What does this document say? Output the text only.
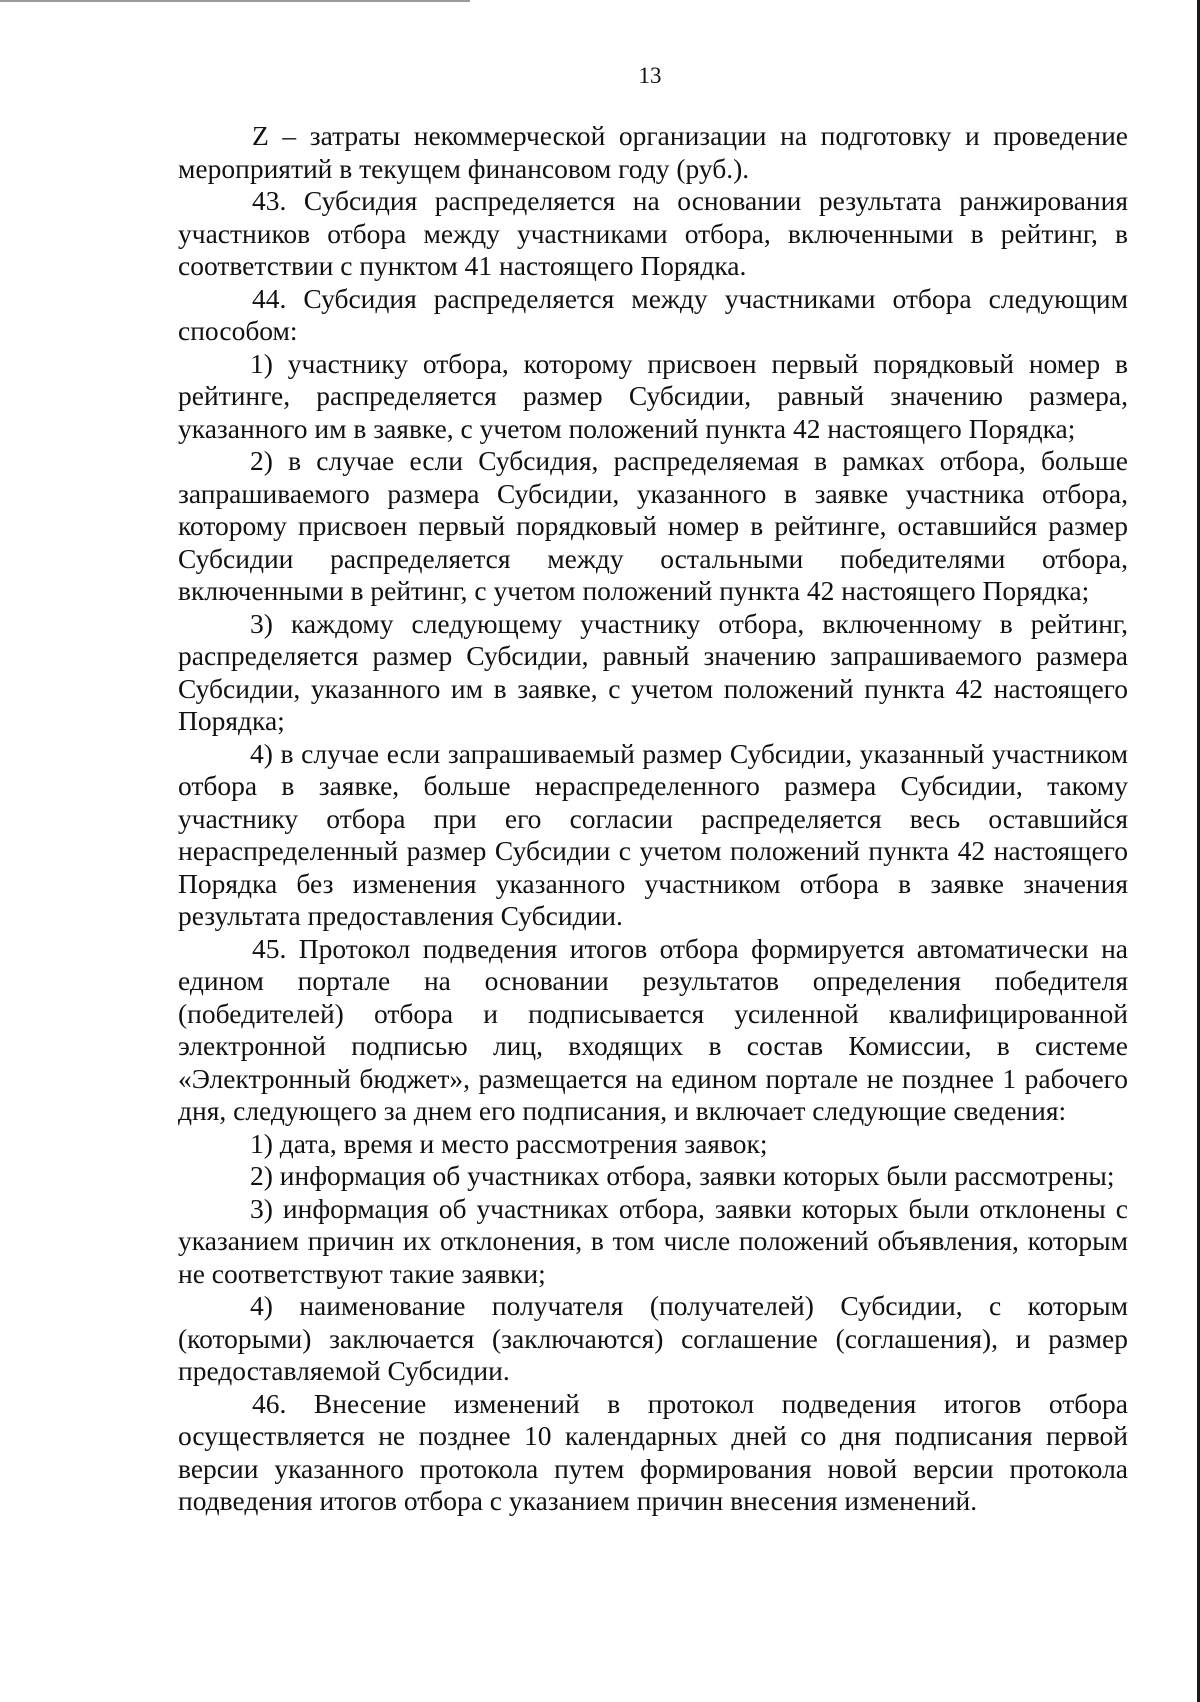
13

Z – затраты некоммерческой организации на подготовку и проведение мероприятий в текущем финансовом году (руб.).

43. Субсидия распределяется на основании результата ранжирования участников отбора между участниками отбора, включенными в рейтинг, в соответствии с пунктом 41 настоящего Порядка.

44. Субсидия распределяется между участниками отбора следующим способом:

1) участнику отбора, которому присвоен первый порядковый номер в рейтинге, распределяется размер Субсидии, равный значению размера, указанного им в заявке, с учетом положений пункта 42 настоящего Порядка;

2) в случае если Субсидия, распределяемая в рамках отбора, больше запрашиваемого размера Субсидии, указанного в заявке участника отбора, которому присвоен первый порядковый номер в рейтинге, оставшийся размер Субсидии распределяется между остальными победителями отбора, включенными в рейтинг, с учетом положений пункта 42 настоящего Порядка;

3) каждому следующему участнику отбора, включенному в рейтинг, распределяется размер Субсидии, равный значению запрашиваемого размера Субсидии, указанного им в заявке, с учетом положений пункта 42 настоящего Порядка;

4) в случае если запрашиваемый размер Субсидии, указанный участником отбора в заявке, больше нераспределенного размера Субсидии, такому участнику отбора при его согласии распределяется весь оставшийся нераспределенный размер Субсидии с учетом положений пункта 42 настоящего Порядка без изменения указанного участником отбора в заявке значения результата предоставления Субсидии.

45. Протокол подведения итогов отбора формируется автоматически на едином портале на основании результатов определения победителя (победителей) отбора и подписывается усиленной квалифицированной электронной подписью лиц, входящих в состав Комиссии, в системе «Электронный бюджет», размещается на едином портале не позднее 1 рабочего дня, следующего за днем его подписания, и включает следующие сведения:

1) дата, время и место рассмотрения заявок;

2) информация об участниках отбора, заявки которых были рассмотрены;

3) информация об участниках отбора, заявки которых были отклонены с указанием причин их отклонения, в том числе положений объявления, которым не соответствуют такие заявки;

4) наименование получателя (получателей) Субсидии, с которым (которыми) заключается (заключаются) соглашение (соглашения), и размер предоставляемой Субсидии.

46. Внесение изменений в протокол подведения итогов отбора осуществляется не позднее 10 календарных дней со дня подписания первой версии указанного протокола путем формирования новой версии протокола подведения итогов отбора с указанием причин внесения изменений.
